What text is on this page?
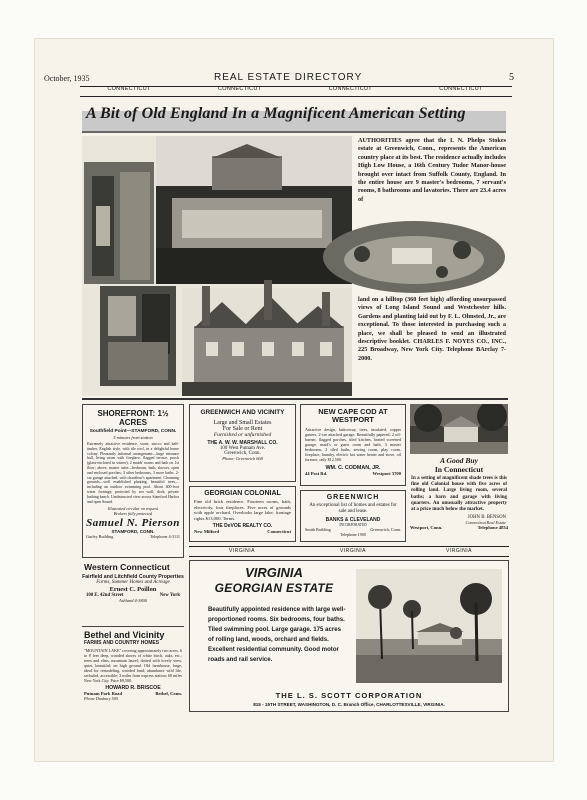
October, 1935	REAL ESTATE DIRECTORY	5
CONNECTICUT	CONNECTICUT	CONNECTICUT	CONNECTICUT
A Bit of Old England In a Magnificent American Setting
AUTHORITIES agree that the I. N. Phelps Stokes estate at Greenwich, Conn., represents the American country place at its best. The residence actually includes High Low House, a 16th Century Tudor Manor-house brought over intact from Suffolk County, England. In the entire house are 9 master's bedrooms, 7 servant's rooms, 8 bathrooms and lavatories. There are 23.4 acres of
land on a hilltop (360 feet high) affording unsurpassed views of Long Island Sound and Westchester hills. Gardens and planting laid out by F. L. Olmsted, Jr., are exceptional. To those interested in purchasing such a place, we shall be pleased to send an illustrated descriptive booklet. CHARLES F. NOYES CO., INC., 225 Broadway, New York City. Telephone BArclay 7-2000.
SHOREFRONT: 1½ ACRES
Southfield Point—STAMFORD, CONN.
5 minutes from station
Extremely attractive residence, stone, stucco and half-timber, English style, with tile roof, in a delightful home colony. Pleasantly informal arrangement—large entrance hall, living room with fireplace, flagged terrace, porch (glass-enclosed in winter); 2 maids' rooms and bath on 1st floor; above, master suite—bedroom, bath, shower, open and enclosed porches; 3 other bedrooms, 3 more baths. 2-car garage attached, with chauffeur's apartment. Charming grounds—well established planting, beautiful trees—including an outdoor swimming pool. About 400-foot water frontage, protected by sea wall; dock; private bathing beach. Unobstructed view across Stamford Harbor and open Sound.
Illustrated circular on request
Brokers fully protected
Samuel N. Pierson
STAMFORD, CONN.
Gurley Building	Telephone 4-3111
GREENWICH AND VICINITY
Large and Small Estates
For Sale or Rent
Furnished or unfurnished
THE A. W. W. MARSHALL CO.
100 West Putnam Ave.
Greenwich, Conn.
Phone: Greenwich 668
GEORGIAN COLONIAL
Fine old brick residence. Fourteen rooms, bath, electricity, four fireplaces. Five acres of grounds with apple orchard. Overlooks large lake; frontage rights $13,000. Terms.
THE DeVOE REALTY CO.
New Milford	Connecticut
NEW CAPE COD AT WESTPORT
Attractive design, latticeway, trees, insulated, copper gutters, 2-car attached garage. Beautifully papered, 2 oil-burner, flagged porches, tiled kitchen, heated screened garage, maid's or guest room and bath, 3 master bedrooms, 2 tiled baths, sewing room, play room, fireplace, laundry, electric hot water heater and stove, oil furnace, only $12,500.
WM. C. CODMAN, JR.
44 Post Rd.	Westport 3700
GREENWICH
An exceptional list of homes and estates for sale and lease.
BANKS & CLEVELAND
INCORPORATED
Smith Building	Greenwich, Conn.
Telephone 1900
A Good Buy
In Connecticut
In a setting of magnificent shade trees is this fine old Colonial house with five acres of rolling land. Large living room, several baths; a barn and garage with living quarters. An unusually attractive property at a price much below the market.
JOHN B. BENSON
Connecticut Real Estate
Westport, Conn.	Telephone 4834
VIRGINIA	VIRGINIA	VIRGINIA
Western Connecticut
Fairfield and Litchfield County Properties
Farms, Summer Homes and Acreage
Ernest C. Poillon
100 E. 42nd Street	New York
Ashland 4-3800
Bethel and Vicinity
FARMS AND COUNTRY HOMES
"MOUNTAIN LAKE" covering approximately two acres, 6 to 8 feet deep, wooded shores of white birch, oaks, etc.; trees and elms, mountain laurel; dotted with lovely view, quiet, beautiful; on high ground. Old farmhouse, large, ideal for remodeling, wooded land; abundance wild life, secluded, accessible; 2 miles from express station; 60 miles New York City. Price $9,500.
HOWARD R. BRISCOE
Putnam Park Road	Bethel, Conn.
Phone Danbury 505
VIRGINIA
GEORGIAN ESTATE
Beautifully appointed residence with large well-proportioned rooms. Six bedrooms, four baths. Tiled swimming pool. Large garage. 175 acres of rolling land, woods, orchard and fields. Excellent residential community. Good motor roads and rail service.
THE L. S. SCOTT CORPORATION
815 - 15TH STREET, WASHINGTON, D. C. Branch Office, CHARLOTTESVILLE, VIRGINIA.
